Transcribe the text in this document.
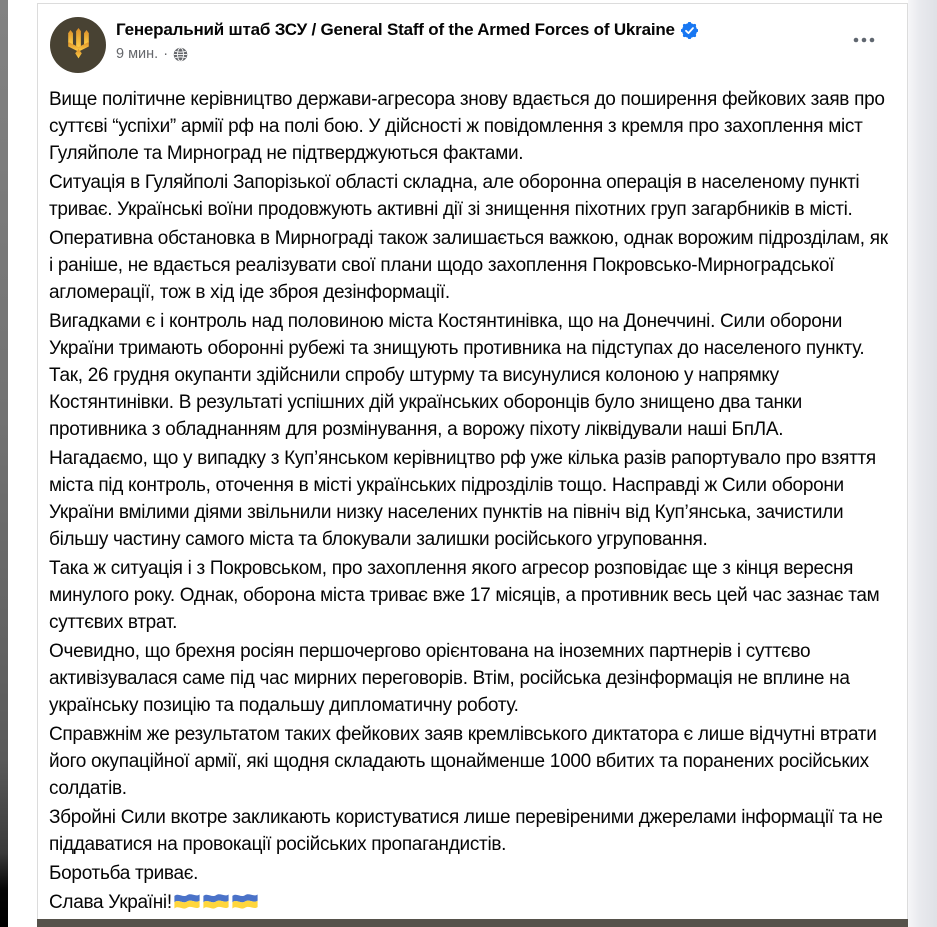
Генеральний штаб ЗСУ / General Staff of the Armed Forces of Ukraine
9 мин. ·

Вище політичне керівництво держави-агресора знову вдається до поширення фейкових заяв про суттєві “успіхи” армії рф на полі бою. У дійсності ж повідомлення з кремля про захоплення міст Гуляйполе та Мирноград не підтверджуються фактами.

Ситуація в Гуляйполі Запорізької області складна, але оборонна операція в населеному пункті триває. Українські воїни продовжують активні дії зі знищення піхотних груп загарбників в місті.

Оперативна обстановка в Мирнограді також залишається важкою, однак ворожим підрозділам, як і раніше, не вдається реалізувати свої плани щодо захоплення Покровсько-Мирноградської агломерації, тож в хід іде зброя дезінформації.

Вигадками є і контроль над половиною міста Костянтинівка, що на Донеччині. Сили оборони України тримають оборонні рубежі та знищують противника на підступах до населеного пункту. Так, 26 грудня окупанти здійснили спробу штурму та висунулися колоною у напрямку Костянтинівки. В результаті успішних дій українських оборонців було знищено два танки противника з обладнанням для розмінування, а ворожу піхоту ліквідували наші БпЛА.

Нагадаємо, що у випадку з Куп’янськом керівництво рф уже кілька разів рапортувало про взяття міста під контроль, оточення в місті українських підрозділів тощо. Насправді ж Сили оборони України вмілими діями звільнили низку населених пунктів на північ від Куп’янська, зачистили більшу частину самого міста та блокували залишки російського угруповання.

Така ж ситуація і з Покровськом, про захоплення якого агресор розповідає ще з кінця вересня минулого року. Однак, оборона міста триває вже 17 місяців, а противник весь цей час зазнає там суттєвих втрат.

Очевидно, що брехня росіян першочергово орієнтована на іноземних партнерів і суттєво активізувалася саме під час мирних переговорів. Втім, російська дезінформація не вплине на українську позицію та подальшу дипломатичну роботу.

Справжнім же результатом таких фейкових заяв кремлівського диктатора є лише відчутні втрати його окупаційної армії, які щодня складають щонайменше 1000 вбитих та поранених російських солдатів.

Збройні Сили вкотре закликають користуватися лише перевіреними джерелами інформації та не піддаватися на провокації російських пропагандистів.

Боротьба триває.

Слава Україні!
